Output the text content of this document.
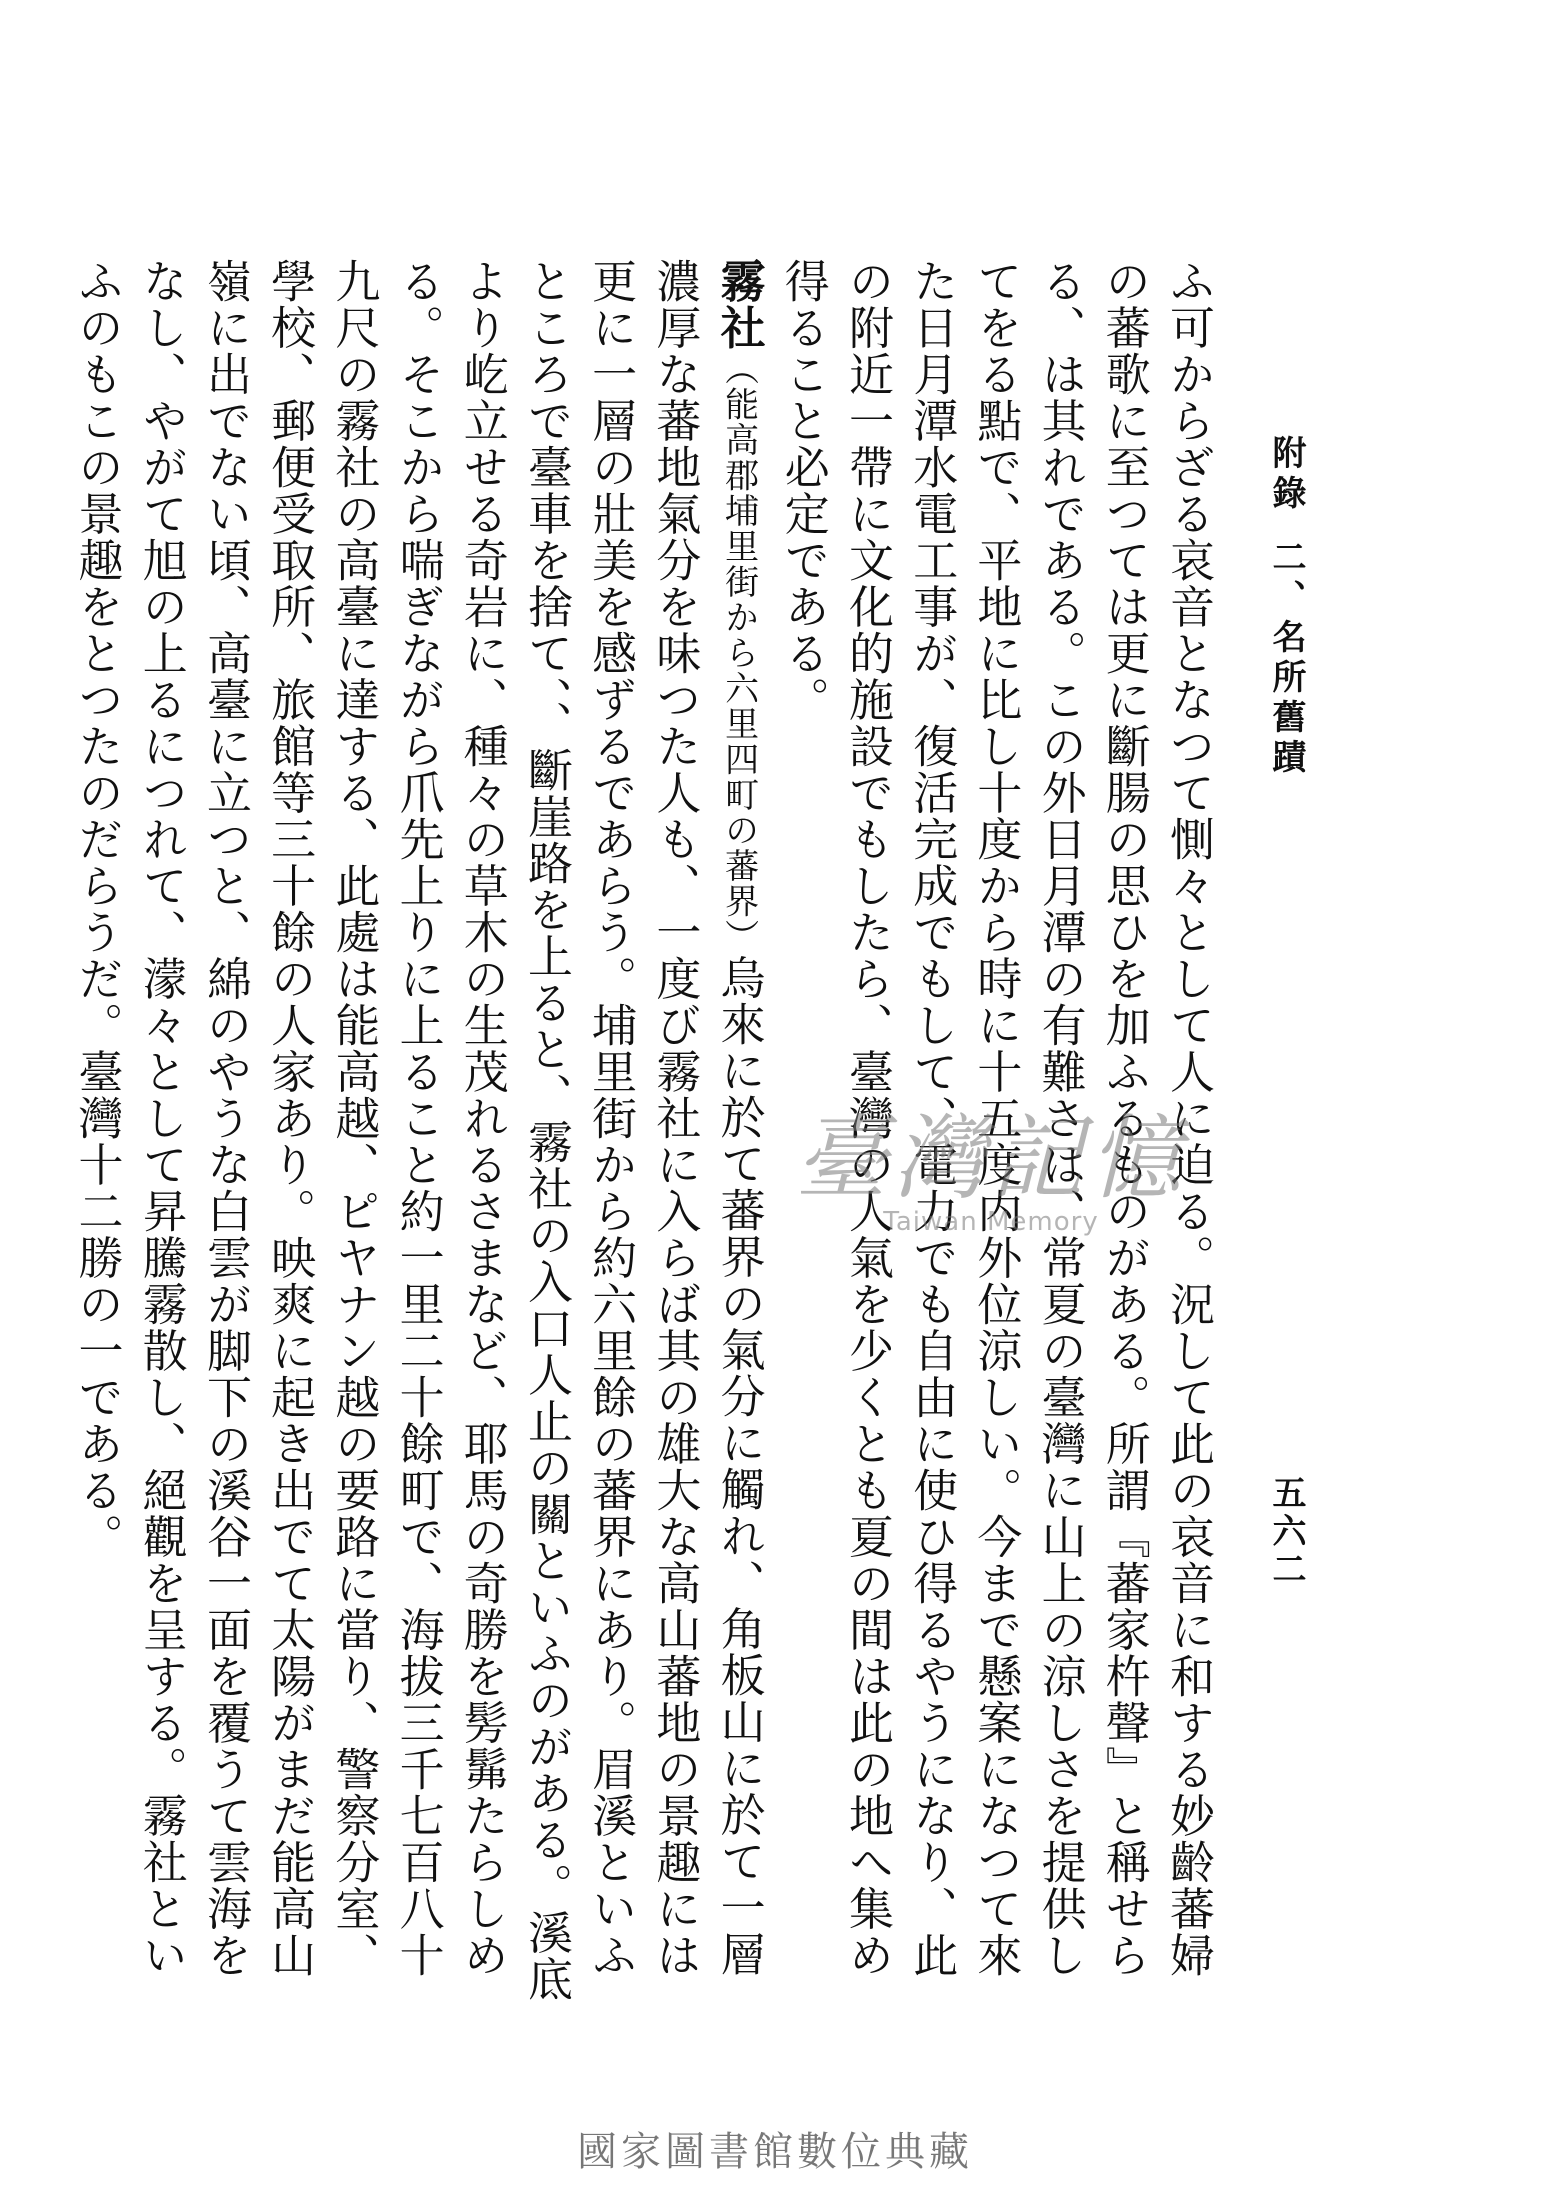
附錄二、名所舊蹟
五六二

ふ可からざる哀音となつて惻々として人に迫る。況して此の哀音に和する妙齡蕃婦の蕃歌に至つては更に斷腸の思ひを加ふるものがある。所謂『蕃家杵聲』と稱せらる、は其れである。この外日月潭の有難さは、常夏の臺灣に山上の涼しさを提供してをる點で、平地に比し十度から時に十五度内外位涼しい。今まで懸案になつて來た日月潭水電工事が、復活完成でもして、電力でも自由に使ひ得るやうになり、此の附近一帶に文化的施設でもしたら、臺灣の人氣を少くとも夏の間は此の地へ集め得ること必定である。

霧社（能高郡埔里街から六里四町の蕃界）烏來に於て蕃界の氣分に觸れ、角板山に於て一層濃厚な蕃地氣分を味つた人も、一度び霧社に入らば其の雄大な高山蕃地の景趣には更に一層の壯美を感ずるであらう。埔里街から約六里餘の蕃界にあり。眉溪といふところで臺車を捨て、、斷崖路を上ると、霧社の入口人止の關といふのがある。溪底より屹立せる奇岩に、種々の草木の生茂れるさまなど、耶馬の奇勝を髣髴たらしめる。そこから喘ぎながら爪先上りに上ること約一里二十餘町で、海拔三千七百八十九尺の霧社の高臺に達する、此處は能高越、ピヤナン越の要路に當り、警察分室、學校、郵便受取所、旅館等三十餘の人家あり。映爽に起き出でて太陽がまだ能高山嶺に出でない頃、高臺に立つと、綿のやうな白雲が脚下の溪谷一面を覆うて雲海をなし、やがて旭の上るにつれて、濛々として昇騰霧散し、絕觀を呈する。霧社といふのもこの景趣をとつたのだらうだ。臺灣十二勝の一である。	臺灣記憶
Taiwan Memory
國家圖書館數位典藏
